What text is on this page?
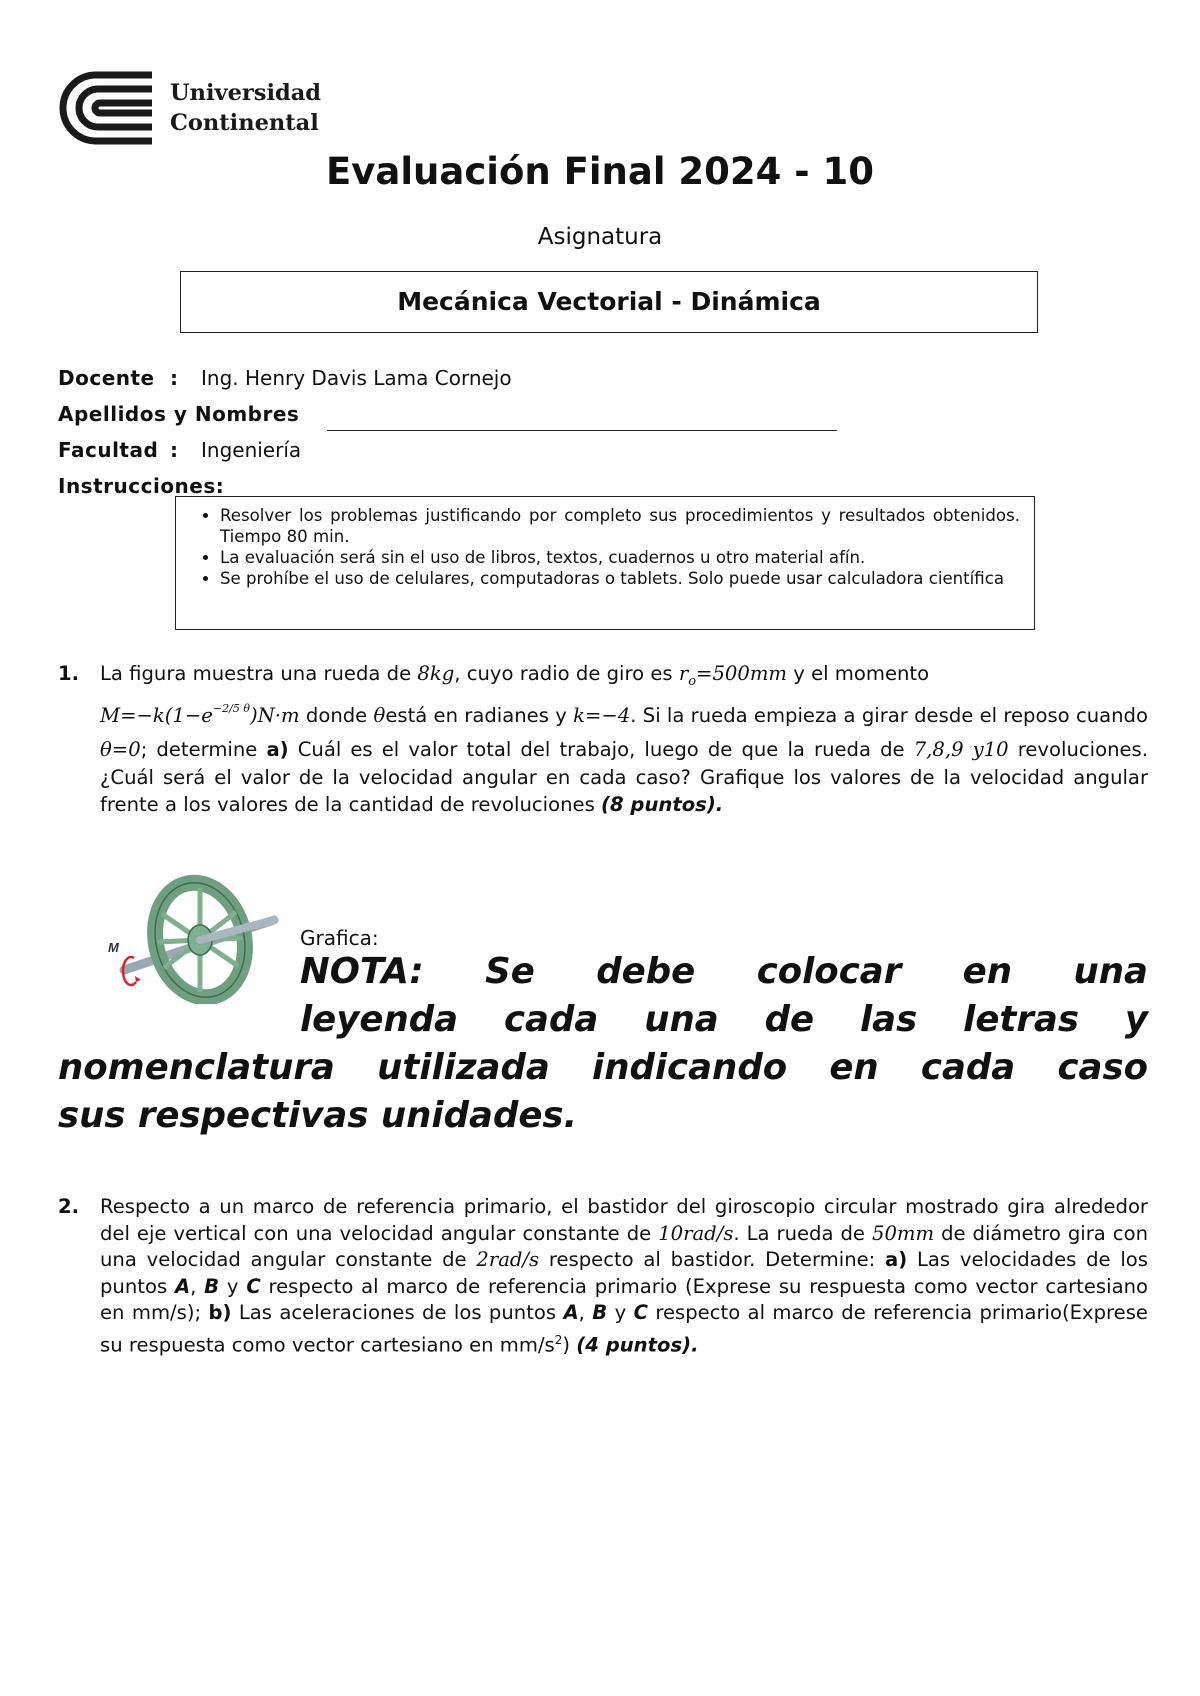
Universidad
Continental
Evaluación Final 2024 - 10
Asignatura
Mecánica Vectorial - Dinámica
Docente : Ing. Henry Davis Lama Cornejo
Apellidos y Nombres
Facultad : Ingeniería
Instrucciones:
• Resolver los problemas justificando por completo sus procedimientos y resultados obtenidos. Tiempo 80 min.
• La evaluación será sin el uso de libros, textos, cuadernos u otro material afín.
• Se prohíbe el uso de celulares, computadoras o tablets. Solo puede usar calculadora científica
1. La figura muestra una rueda de 8kg, cuyo radio de giro es $r_o=500mm$ y el momento
$M=-k(1-e^{-2/5 \theta})N\cdot m$ donde θestá en radianes y k=−4. Si la rueda empieza a girar desde el reposo cuando θ=0; determine a) Cuál es el valor total del trabajo, luego de que la rueda de 7,8,9 y10 revoluciones. ¿Cuál será el valor de la velocidad angular en cada caso? Grafique los valores de la velocidad angular frente a los valores de la cantidad de revoluciones (8 puntos).
M	Grafica:
NOTA: Se debe colocar en una
leyenda cada una de las letras y
nomenclatura utilizada indicando en cada caso
sus respectivas unidades.
2. Respecto a un marco de referencia primario, el bastidor del giroscopio circular mostrado gira alrededor del eje vertical con una velocidad angular constante de 10rad/s. La rueda de 50mm de diámetro gira con una velocidad angular constante de 2rad/s respecto al bastidor. Determine: a) Las velocidades de los puntos A, B y C respecto al marco de referencia primario (Exprese su respuesta como vector cartesiano en mm/s); b) Las aceleraciones de los puntos A, B y C respecto al marco de referencia primario(Exprese su respuesta como vector cartesiano en $mm/s^2$) (4 puntos).
